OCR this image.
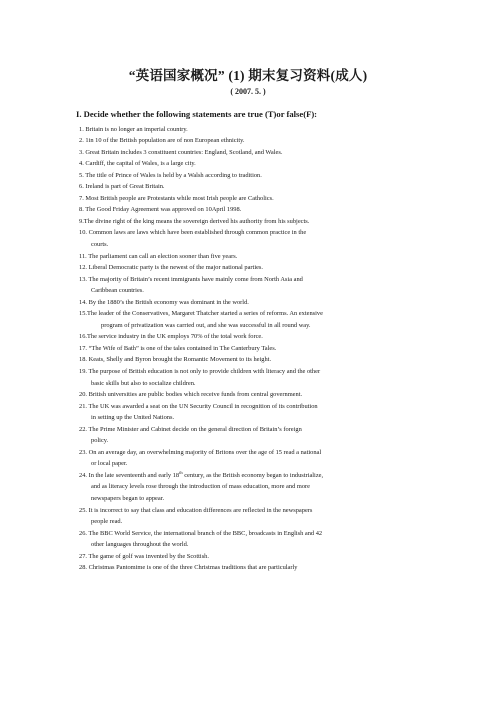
“英语国家概况” (1) 期末复习资料(成人)
( 2007. 5. )
I. Decide whether the following statements are true (T)or false(F):
1. Britain is no longer an imperial country.
2. 1in 10 of the British population are of non European ethnicity.
3. Great Britain includes 3 constituent countries: England, Scotland, and Wales.
4. Cardiff, the capital of Wales, is a large city.
5. The title of Prince of Wales is held by a Walsh according to tradition.
6. Ireland is part of Great Britain.
7. Most British people are Protestants while most Irish people are Catholics.
8. The Good Friday Agreement was approved on 10April 1998.
9.The divine right of the king means the sovereign derived his authority from his subjects.
10. Common laws are laws which have been established through common practice in the
courts.
11. The parliament can call an election sooner than five years.
12. Liberal Democratic party is the newest of the major national parties.
13. The majority of Britain’s recent immigrants have mainly come from North Asia and
Caribbean countries.
14. By the 1880’s the British economy was dominant in the world.
15.The leader of the Conservatives, Margaret Thatcher started a series of reforms. An extensive
program of privatization was carried out, and she was successful in all round way.
16.The service industry in the UK employs 70% of the total work force.
17. “The Wife of Bath” is one of the tales contained in The Canterbury Tales.
18. Keats, Shelly and Byron brought the Romantic Movement to its height.
19. The purpose of British education is not only to provide children with literacy and the other
basic skills but also to socialize children.
20. British universities are public bodies which receive funds from central government.
21. The UK was awarded a seat on the UN Security Council in recognition of its contribution
in setting up the United Nations.
22. The Prime Minister and Cabinet decide on the general direction of Britain’s foreign
policy.
23. On an average day, an overwhelming majority of Britons over the age of 15 read a national
or local paper.
24. In the late seventeenth and early 18th century, as the British economy began to industrialize,
and as literacy levels rose through the introduction of mass education, more and more
newspapers began to appear.
25. It is incorrect to say that class and education differences are reflected in the newspapers
people read.
26. The BBC World Service, the international branch of the BBC, broadcasts in English and 42
other languages throughout the world.
27. The game of golf was invented by the Scottish.
28. Christmas Pantomime is one of the three Christmas traditions that are particularly
